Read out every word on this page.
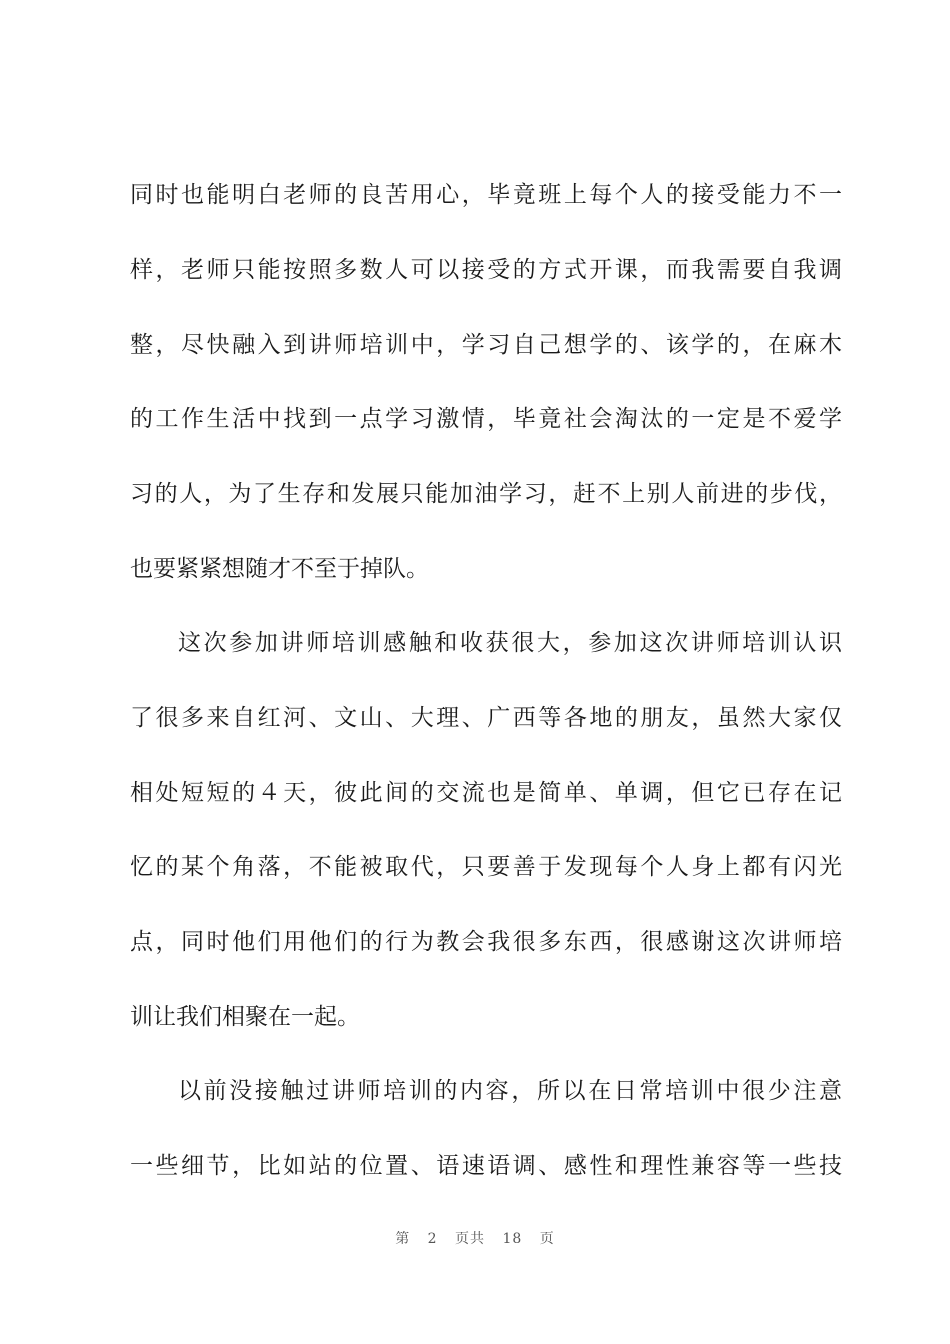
同时也能明白老师的良苦用心，毕竟班上每个人的接受能力不一
样，老师只能按照多数人可以接受的方式开课，而我需要自我调
整，尽快融入到讲师培训中，学习自己想学的、该学的，在麻木
的工作生活中找到一点学习激情，毕竟社会淘汰的一定是不爱学
习的人，为了生存和发展只能加油学习，赶不上别人前进的步伐，
也要紧紧想随才不至于掉队。
这次参加讲师培训感触和收获很大，参加这次讲师培训认识
了很多来自红河、文山、大理、广西等各地的朋友，虽然大家仅
相处短短的４天，彼此间的交流也是简单、单调，但它已存在记
忆的某个角落，不能被取代，只要善于发现每个人身上都有闪光
点，同时他们用他们的行为教会我很多东西，很感谢这次讲师培
训让我们相聚在一起。
以前没接触过讲师培训的内容，所以在日常培训中很少注意
一些细节，比如站的位置、语速语调、感性和理性兼容等一些技
第 2 页共 18 页
